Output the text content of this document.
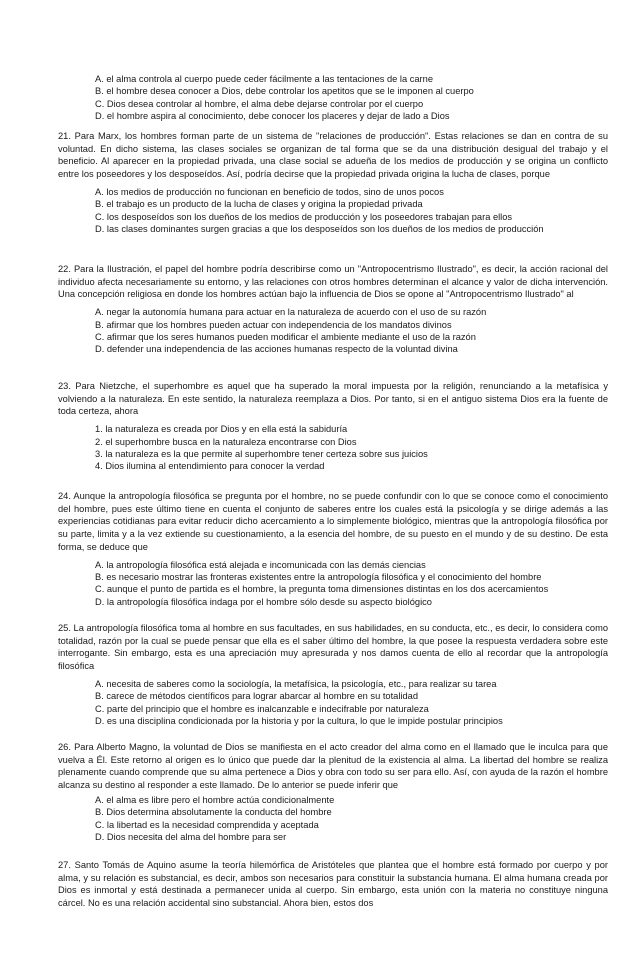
A. el alma controla al cuerpo puede ceder fácilmente a las tentaciones de la carne
B. el hombre desea conocer a Dios, debe controlar los apetitos que se le imponen al cuerpo
C. Dios desea controlar al hombre, el alma debe dejarse controlar por el cuerpo
D. el hombre aspira al conocimiento, debe conocer los placeres y dejar de lado a Dios

21. Para Marx, los hombres forman parte de un sistema de "relaciones de producción". Estas relaciones se dan en contra de su voluntad. En dicho sistema, las clases sociales se organizan de tal forma que se da una distribución desigual del trabajo y el beneficio. Al aparecer en la propiedad privada, una clase social se adueña de los medios de producción y se origina un conflicto entre los poseedores y los desposeídos. Así, podría decirse que la propiedad privada origina la lucha de clases, porque

A. los medios de producción no funcionan en beneficio de todos, sino de unos pocos
B. el trabajo es un producto de la lucha de clases y origina la propiedad privada
C. los desposeídos son los dueños de los medios de producción y los poseedores trabajan para ellos
D. las clases dominantes surgen gracias a que los desposeídos son los dueños de los medios de producción

22. Para la Ilustración, el papel del hombre podría describirse como un "Antropocentrismo Ilustrado", es decir, la acción racional del individuo afecta necesariamente su entorno, y las relaciones con otros hombres determinan el alcance y valor de dicha intervención. Una concepción religiosa en donde los hombres actúan bajo la influencia de Dios se opone al "Antropocentrismo Ilustrado" al

A. negar la autonomía humana para actuar en la naturaleza de acuerdo con el uso de su razón
B. afirmar que los hombres pueden actuar con independencia de los mandatos divinos
C. afirmar que los seres humanos pueden modificar el ambiente mediante el uso de la razón
D. defender una independencia de las acciones humanas respecto de la voluntad divina

23. Para Nietzche, el superhombre es aquel que ha superado la moral impuesta por la religión, renunciando a la metafísica y volviendo a la naturaleza. En este sentido, la naturaleza reemplaza a Dios. Por tanto, si en el antiguo sistema Dios era la fuente de toda certeza, ahora

1. la naturaleza es creada por Dios y en ella está la sabiduría
2. el superhombre busca en la naturaleza encontrarse con Dios
3. la naturaleza es la que permite al superhombre tener certeza sobre sus juicios
4. Dios ilumina al entendimiento para conocer la verdad

24. Aunque la antropología filosófica se pregunta por el hombre, no se puede confundir con lo que se conoce como el conocimiento del hombre, pues este último tiene en cuenta el conjunto de saberes entre los cuales está la psicología y se dirige además a las experiencias cotidianas para evitar reducir dicho acercamiento a lo simplemente biológico, mientras que la antropología filosófica por su parte, limita y a la vez extiende su cuestionamiento, a la esencia del hombre, de su puesto en el mundo y de su destino. De esta forma, se deduce que

A. la antropología filosófica está alejada e incomunicada con las demás ciencias
B. es necesario mostrar las fronteras existentes entre la antropología filosófica y el conocimiento del hombre
C. aunque el punto de partida es el hombre, la pregunta toma dimensiones distintas en los dos acercamientos
D. la antropología filosófica indaga por el hombre sólo desde su aspecto biológico

25. La antropología filosófica toma al hombre en sus facultades, en sus habilidades, en su conducta, etc., es decir, lo considera como totalidad, razón por la cual se puede pensar que ella es el saber último del hombre, la que posee la respuesta verdadera sobre este interrogante. Sin embargo, esta es una apreciación muy apresurada y nos damos cuenta de ello al recordar que la antropología filosófica

A. necesita de saberes como la sociología, la metafísica, la psicología, etc., para realizar su tarea
B. carece de métodos científicos para lograr abarcar al hombre en su totalidad
C. parte del principio que el hombre es inalcanzable e indecifrable por naturaleza
D. es una disciplina condicionada por la historia y por la cultura, lo que le impide postular principios

26. Para Alberto Magno, la voluntad de Dios se manifiesta en el acto creador del alma como en el llamado que le inculca para que vuelva a Él. Este retorno al origen es lo único que puede dar la plenitud de la existencia al alma. La libertad del hombre se realiza plenamente cuando comprende que su alma pertenece a Dios y obra con todo su ser para ello. Así, con ayuda de la razón el hombre alcanza su destino al responder a este llamado. De lo anterior se puede inferir que

A. el alma es libre pero el hombre actúa condicionalmente
B. Dios determina absolutamente la conducta del hombre
C. la libertad es la necesidad comprendida y aceptada
D. Dios necesita del alma del hombre para ser

27. Santo Tomás de Aquino asume la teoría hilemórfica de Aristóteles que plantea que el hombre está formado por cuerpo y por alma, y su relación es substancial, es decir, ambos son necesarios para constituir la substancia humana. El alma humana creada por Dios es inmortal y está destinada a permanecer unida al cuerpo. Sin embargo, esta unión con la materia no constituye ninguna cárcel. No es una relación accidental sino substancial. Ahora bien, estos dos
